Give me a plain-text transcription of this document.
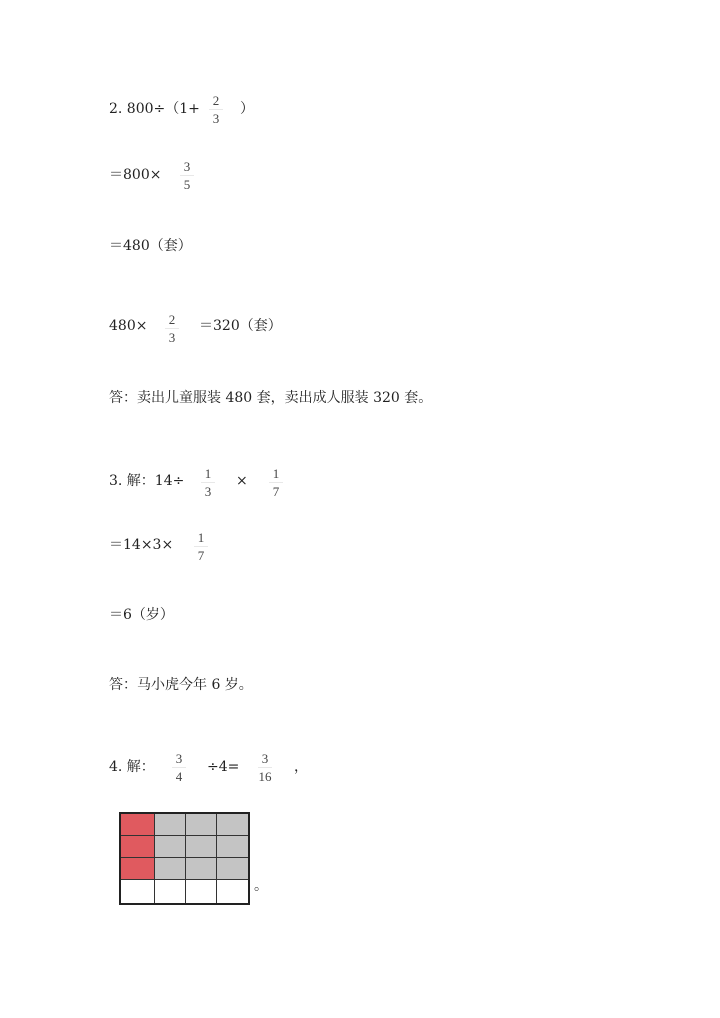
2. 800÷（1+
2
3
）
＝800×
3
5
＝480（套）
480×	2
3
＝320（套）
答：卖出儿童服装 480 套，卖出成人服装 320 套。
3. 解：14÷	1
3
×	1
7
＝14×3×	1
7
＝6（岁）
答：马小虎今年 6 岁。
4. 解：
3
4
÷4=
3
16
，
。
